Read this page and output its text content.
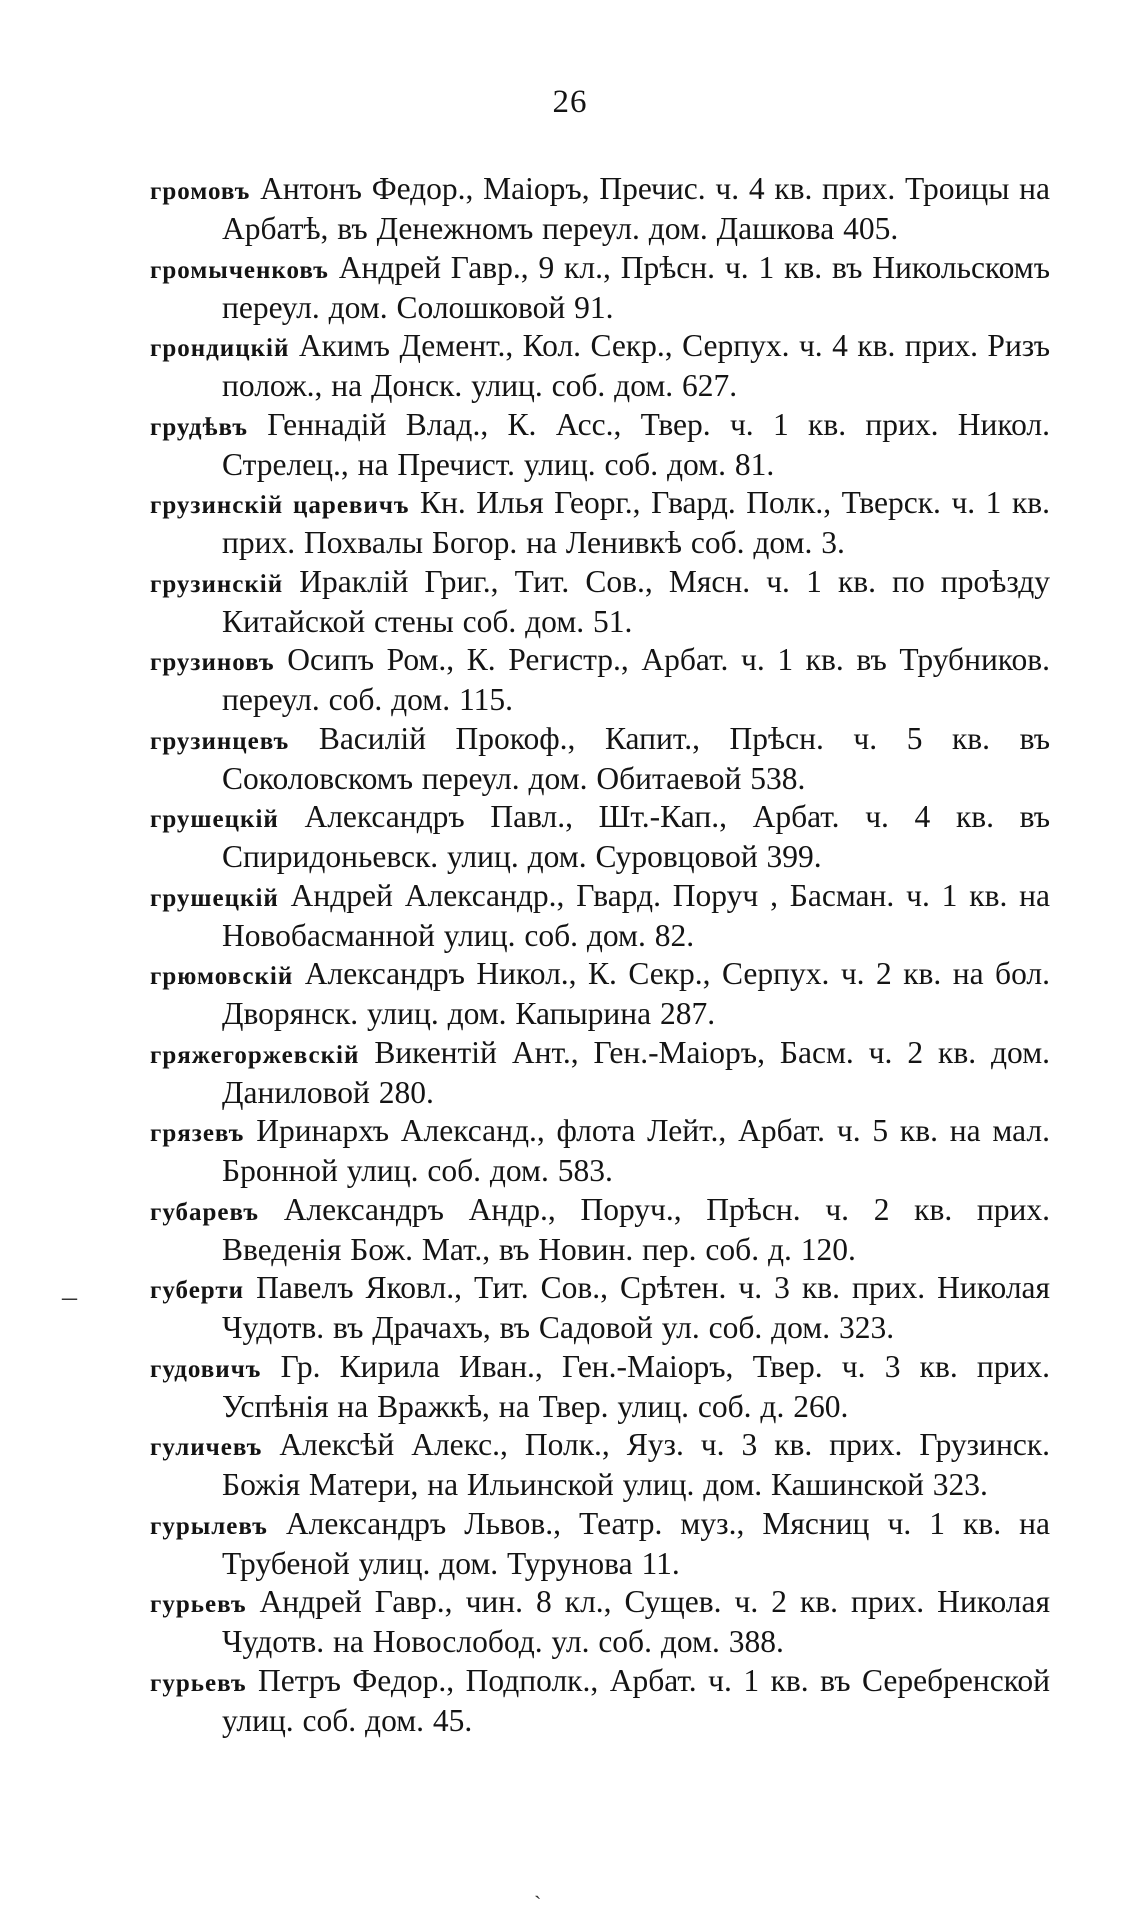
26

громовъ Антонъ Федор., Маіоръ, Пречис. ч. 4 кв. прих. Троицы на Арбатѣ, въ Денежномъ переул. дом. Дашкова 405.

громыченковъ Андрей Гавр., 9 кл., Прѣсн. ч. 1 кв. въ Никольскомъ переул. дом. Солошковой 91.

грондицкій Акимъ Демент., Кол. Секр., Серпух. ч. 4 кв. прих. Ризъ полож., на Донск. улиц. соб. дом. 627.

грудѣвъ Геннадій Влад., К. Асс., Твер. ч. 1 кв. прих. Никол. Стрелец., на Пречист. улиц. соб. дом. 81.

грузинскій царевичъ Кн. Илья Георг., Гвард. Полк., Тверск. ч. 1 кв. прих. Похвалы Богор. на Ленивкѣ соб. дом. 3.

грузинскій Ираклій Григ., Тит. Сов., Мясн. ч. 1 кв. по проѣзду Китайской стены соб. дом. 51.

грузиновъ Осипъ Ром., К. Регистр., Арбат. ч. 1 кв. въ Трубников. переул. соб. дом. 115.

грузинцевъ Василій Прокоф., Капит., Прѣсн. ч. 5 кв. въ Соколовскомъ переул. дом. Обитаевой 538.

грушецкій Александръ Павл., Шт.-Кап., Арбат. ч. 4 кв. въ Спиридоньевск. улиц. дом. Суровцовой 399.

грушецкій Андрей Александр., Гвард. Поруч , Басман. ч. 1 кв. на Новобасманной улиц. соб. дом. 82.

грюмовскій Александръ Никол., К. Секр., Серпух. ч. 2 кв. на бол. Дворянск. улиц. дом. Капырина 287.

гряжегоржевскій Викентій Ант., Ген.-Маіоръ, Басм. ч. 2 кв. дом. Даниловой 280.

грязевъ Иринархъ Александ., флота Лейт., Арбат. ч. 5 кв. на мал. Бронной улиц. соб. дом. 583.

губаревъ Александръ Андр., Поруч., Прѣсн. ч. 2 кв. прих. Введенія Бож. Мат., въ Новин. пер. соб. д. 120.

губерти Павелъ Яковл., Тит. Сов., Срѣтен. ч. 3 кв. прих. Николая Чудотв. въ Драчахъ, въ Садовой ул. соб. дом. 323.

гудовичъ Гр. Кирила Иван., Ген.-Маіоръ, Твер. ч. 3 кв. прих. Успѣнія на Вражкѣ, на Твер. улиц. соб. д. 260.

гуличевъ Алексѣй Алекс., Полк., Яуз. ч. 3 кв. прих. Грузинск. Божія Матери, на Ильинской улиц. дом. Кашинской 323.

гурылевъ Александръ Львов., Театр. муз., Мясниц ч. 1 кв. на Трубеной улиц. дом. Турунова 11.

гурьевъ Андрей Гавр., чин. 8 кл., Сущев. ч. 2 кв. прих. Николая Чудотв. на Новослобод. ул. соб. дом. 388.

гурьевъ Петръ Федор., Подполк., Арбат. ч. 1 кв. въ Серебренской улиц. соб. дом. 45.

–
ˏ
